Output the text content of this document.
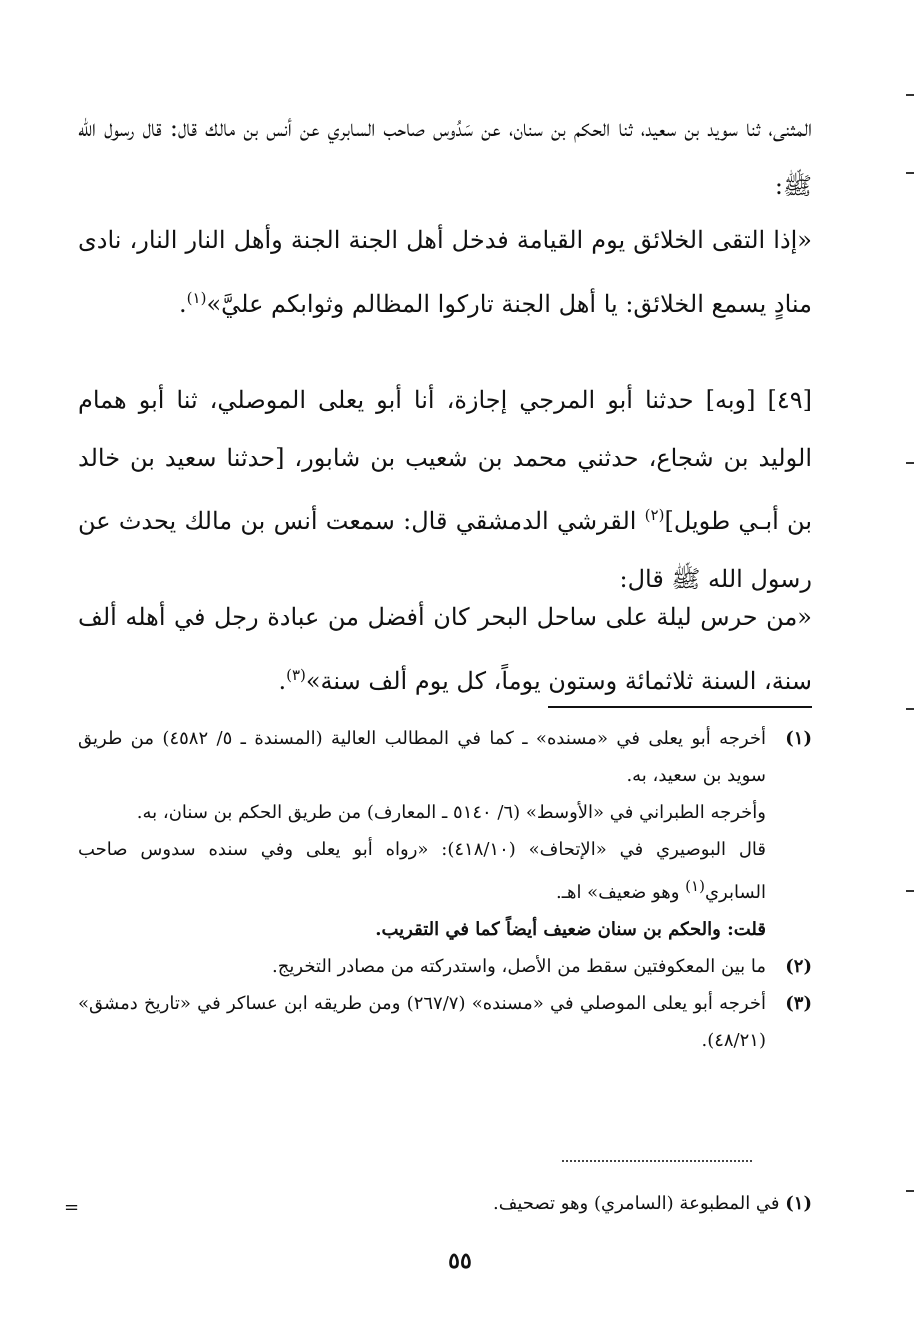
المثنى، ثنا سويد بن سعيد، ثنا الحكم بن سنان، عن سَدُوس صاحب السابري عن أنس بن مالك قال: قال رسول الله ﷺ:
«إذا التقى الخلائق يوم القيامة فدخل أهل الجنة الجنة وأهل النار النار، نادى منادٍ يسمع الخلائق: يا أهل الجنة تاركوا المظالم وثوابكم عليَّ»$^{(١)}$.
[٤٩] [وبه] حدثنا أبو المرجي إجازة، أنا أبو يعلى الموصلي، ثنا أبو همام الوليد بن شجاع، حدثني محمد بن شعيب بن شابور، [حدثنا سعيد بن خالد بن أبـي طويل]$^{(٢)}$ القرشي الدمشقي قال: سمعت أنس بن مالك يحدث عن رسول الله ﷺ قال:
«من حرس ليلة على ساحل البحر كان أفضل من عبادة رجل في أهله ألف سنة، السنة ثلاثمائة وستون يوماً، كل يوم ألف سنة»$^{(٣)}$.
(١)
أخرجه أبو يعلى في «مسنده» ـ كما في المطالب العالية (المسندة ـ ٥/ ٤٥٨٢) من طريق سويد بن سعيد، به.
وأخرجه الطبراني في «الأوسط» (٦/ ٥١٤٠ ـ المعارف) من طريق الحكم بن سنان، به.
قال البوصيري في «الإتحاف» (٤١٨/١٠): «رواه أبو يعلى وفي سنده سدوس صاحب السابري$^{(١)}$ وهو ضعيف» اهـ.
قلت: والحكم بن سنان ضعيف أيضاً كما في التقريب.
(٢)
ما بين المعكوفتين سقط من الأصل، واستدركته من مصادر التخريج.
(٣)
أخرجه أبو يعلى الموصلي في «مسنده» (٢٦٧/٧) ومن طريقه ابن عساكر في «تاريخ دمشق» (٤٨/٢١).
(١) في المطبوعة (السامري) وهو تصحيف.
=
٥٥
